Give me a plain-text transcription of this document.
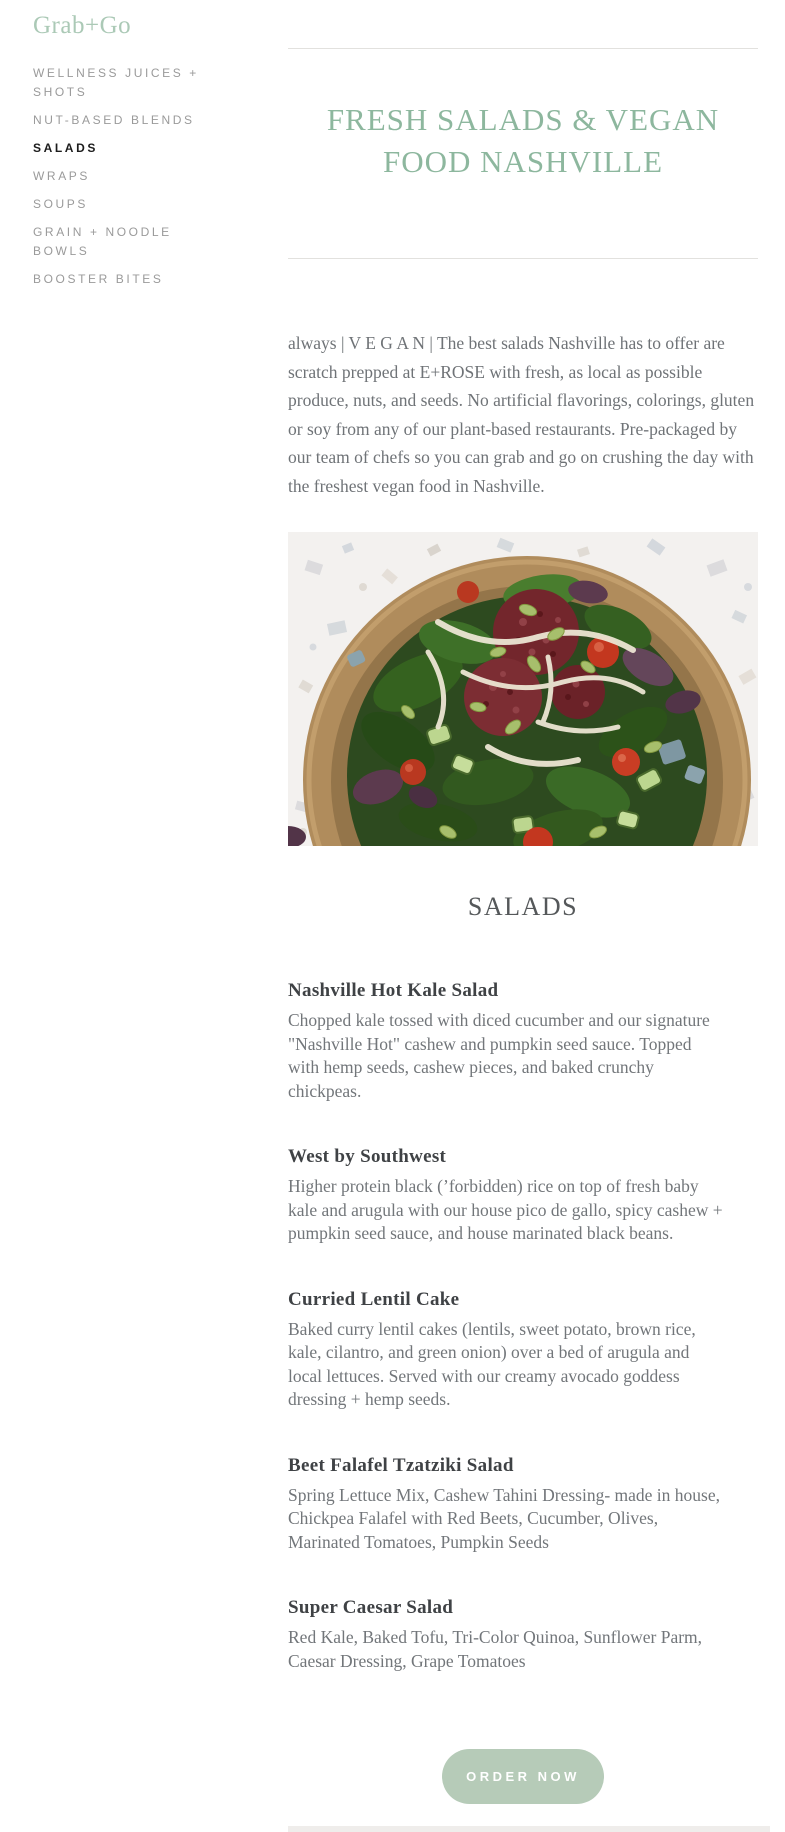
Grab+Go
WELLNESS JUICES + SHOTS
NUT-BASED BLENDS
SALADS
WRAPS
SOUPS
GRAIN + NOODLE BOWLS
BOOSTER BITES
FRESH SALADS & VEGAN FOOD NASHVILLE

always | V E G A N | The best salads Nashville has to offer are scratch prepped at E+ROSE with fresh, as local as possible produce, nuts, and seeds. No artificial flavorings, colorings, gluten or soy from any of our plant-based restaurants. Pre-packaged by our team of chefs so you can grab and go on crushing the day with the freshest vegan food in Nashville.

SALADS
Nashville Hot Kale Salad

Chopped kale tossed with diced cucumber and our signature "Nashville Hot" cashew and pumpkin seed sauce. Topped with hemp seeds, cashew pieces, and baked crunchy chickpeas.

West by Southwest

Higher protein black (’forbidden) rice on top of fresh baby kale and arugula with our house pico de gallo, spicy cashew + pumpkin seed sauce, and house marinated black beans.

Curried Lentil Cake

Baked curry lentil cakes (lentils, sweet potato, brown rice, kale, cilantro, and green onion) over a bed of arugula and local lettuces. Served with our creamy avocado goddess dressing + hemp seeds.

Beet Falafel Tzatziki Salad

Spring Lettuce Mix, Cashew Tahini Dressing- made in house, Chickpea Falafel with Red Beets, Cucumber, Olives, Marinated Tomatoes, Pumpkin Seeds

Super Caesar Salad

Red Kale, Baked Tofu, Tri-Color Quinoa, Sunflower Parm, Caesar Dressing, Grape Tomatoes

ORDER NOW
